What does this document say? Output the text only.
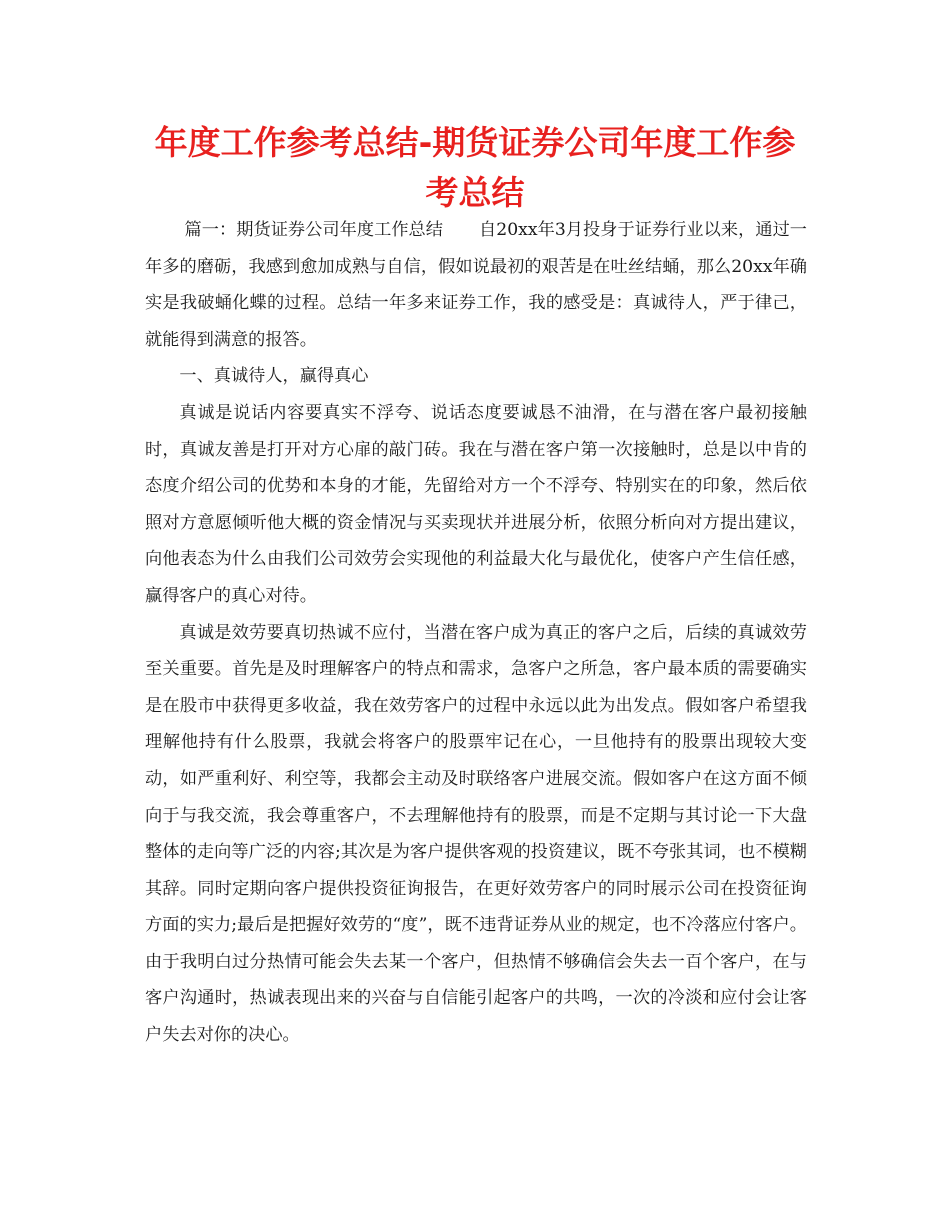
年度工作参考总结-期货证券公司年度工作参考总结

篇一：期货证券公司年度工作总结 自20xx年3月投身于证券行业以来，通过一年多的磨砺，我感到愈加成熟与自信，假如说最初的艰苦是在吐丝结蛹，那么20xx年确实是我破蛹化蝶的过程。总结一年多来证券工作，我的感受是：真诚待人，严于律己，就能得到满意的报答。

一、真诚待人，赢得真心

真诚是说话内容要真实不浮夸、说话态度要诚恳不油滑，在与潜在客户最初接触时，真诚友善是打开对方心扉的敲门砖。我在与潜在客户第一次接触时，总是以中肯的态度介绍公司的优势和本身的才能，先留给对方一个不浮夸、特别实在的印象，然后依照对方意愿倾听他大概的资金情况与买卖现状并进展分析，依照分析向对方提出建议，向他表态为什么由我们公司效劳会实现他的利益最大化与最优化，使客户产生信任感，赢得客户的真心对待。

真诚是效劳要真切热诚不应付，当潜在客户成为真正的客户之后，后续的真诚效劳至关重要。首先是及时理解客户的特点和需求，急客户之所急，客户最本质的需要确实是在股市中获得更多收益，我在效劳客户的过程中永远以此为出发点。假如客户希望我理解他持有什么股票，我就会将客户的股票牢记在心，一旦他持有的股票出现较大变动，如严重利好、利空等，我都会主动及时联络客户进展交流。假如客户在这方面不倾向于与我交流，我会尊重客户，不去理解他持有的股票，而是不定期与其讨论一下大盘整体的走向等广泛的内容;其次是为客户提供客观的投资建议，既不夸张其词，也不模糊其辞。同时定期向客户提供投资征询报告，在更好效劳客户的同时展示公司在投资征询方面的实力;最后是把握好效劳的“度”，既不违背证券从业的规定，也不冷落应付客户。由于我明白过分热情可能会失去某一个客户，但热情不够确信会失去一百个客户，在与客户沟通时，热诚表现出来的兴奋与自信能引起客户的共鸣，一次的冷淡和应付会让客户失去对你的决心。
